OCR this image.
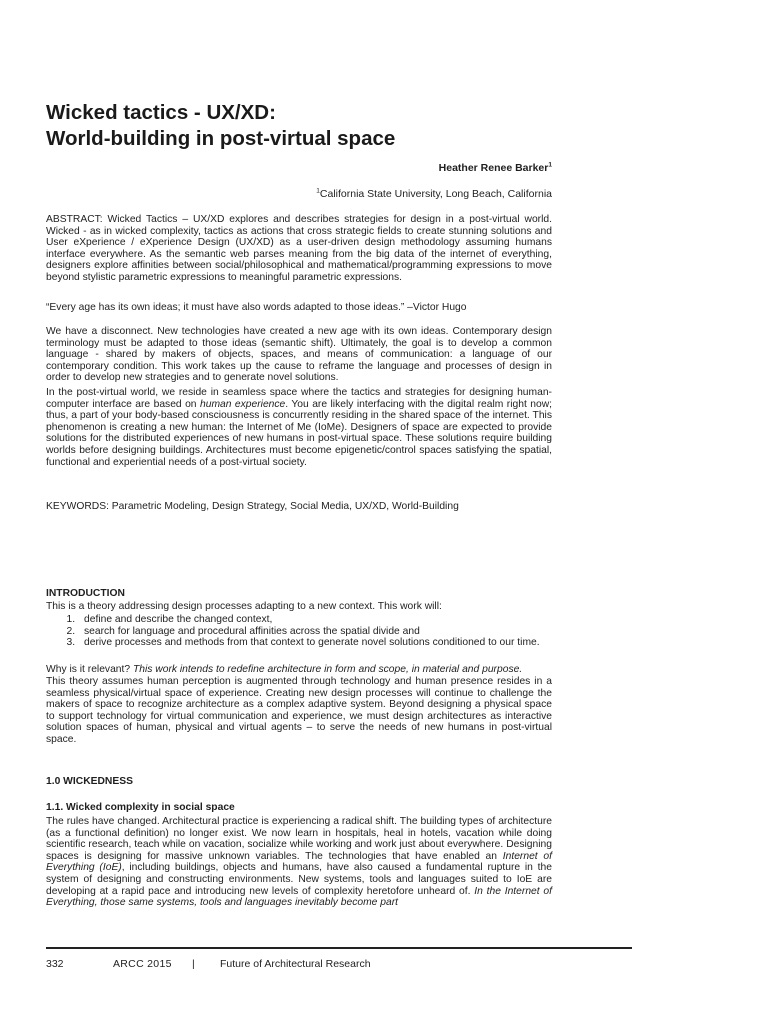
Wicked tactics - UX/XD:
World-building in post-virtual space
Heather Renee Barker$^1$
$^1$California State University, Long Beach, California
ABSTRACT: Wicked Tactics – UX/XD explores and describes strategies for design in a post-virtual world. Wicked - as in wicked complexity, tactics as actions that cross strategic fields to create stunning solutions and User eXperience / eXperience Design (UX/XD) as a user-driven design methodology assuming humans interface everywhere. As the semantic web parses meaning from the big data of the internet of everything, designers explore affinities between social/philosophical and mathematical/programming expressions to move beyond stylistic parametric expressions to meaningful parametric expressions.
“Every age has its own ideas; it must have also words adapted to those ideas.” –Victor Hugo
We have a disconnect. New technologies have created a new age with its own ideas. Contemporary design terminology must be adapted to those ideas (semantic shift). Ultimately, the goal is to develop a common language - shared by makers of objects, spaces, and means of communication: a language of our contemporary condition. This work takes up the cause to reframe the language and processes of design in order to develop new strategies and to generate novel solutions.
In the post-virtual world, we reside in seamless space where the tactics and strategies for designing human-computer interface are based on human experience. You are likely interfacing with the digital realm right now; thus, a part of your body-based consciousness is concurrently residing in the shared space of the internet. This phenomenon is creating a new human: the Internet of Me (IoMe). Designers of space are expected to provide solutions for the distributed experiences of new humans in post-virtual space. These solutions require building worlds before designing buildings. Architectures must become epigenetic/control spaces satisfying the spatial, functional and experiential needs of a post-virtual society.
KEYWORDS: Parametric Modeling, Design Strategy, Social Media, UX/XD, World-Building
INTRODUCTION
This is a theory addressing design processes adapting to a new context. This work will:
1. define and describe the changed context,
2. search for language and procedural affinities across the spatial divide and
3. derive processes and methods from that context to generate novel solutions conditioned to our time.
Why is it relevant? This work intends to redefine architecture in form and scope, in material and purpose.
This theory assumes human perception is augmented through technology and human presence resides in a seamless physical/virtual space of experience. Creating new design processes will continue to challenge the makers of space to recognize architecture as a complex adaptive system. Beyond designing a physical space to support technology for virtual communication and experience, we must design architectures as interactive solution spaces of human, physical and virtual agents – to serve the needs of new humans in post-virtual space.
1.0 WICKEDNESS
1.1. Wicked complexity in social space
The rules have changed. Architectural practice is experiencing a radical shift. The building types of architecture (as a functional definition) no longer exist. We now learn in hospitals, heal in hotels, vacation while doing scientific research, teach while on vacation, socialize while working and work just about everywhere. Designing spaces is designing for massive unknown variables. The technologies that have enabled an Internet of Everything (IoE), including buildings, objects and humans, have also caused a fundamental rupture in the system of designing and constructing environments. New systems, tools and languages suited to IoE are developing at a rapid pace and introducing new levels of complexity heretofore unheard of. In the Internet of Everything, those same systems, tools and languages inevitably become part
332	ARCC 2015 | Future of Architectural Research
